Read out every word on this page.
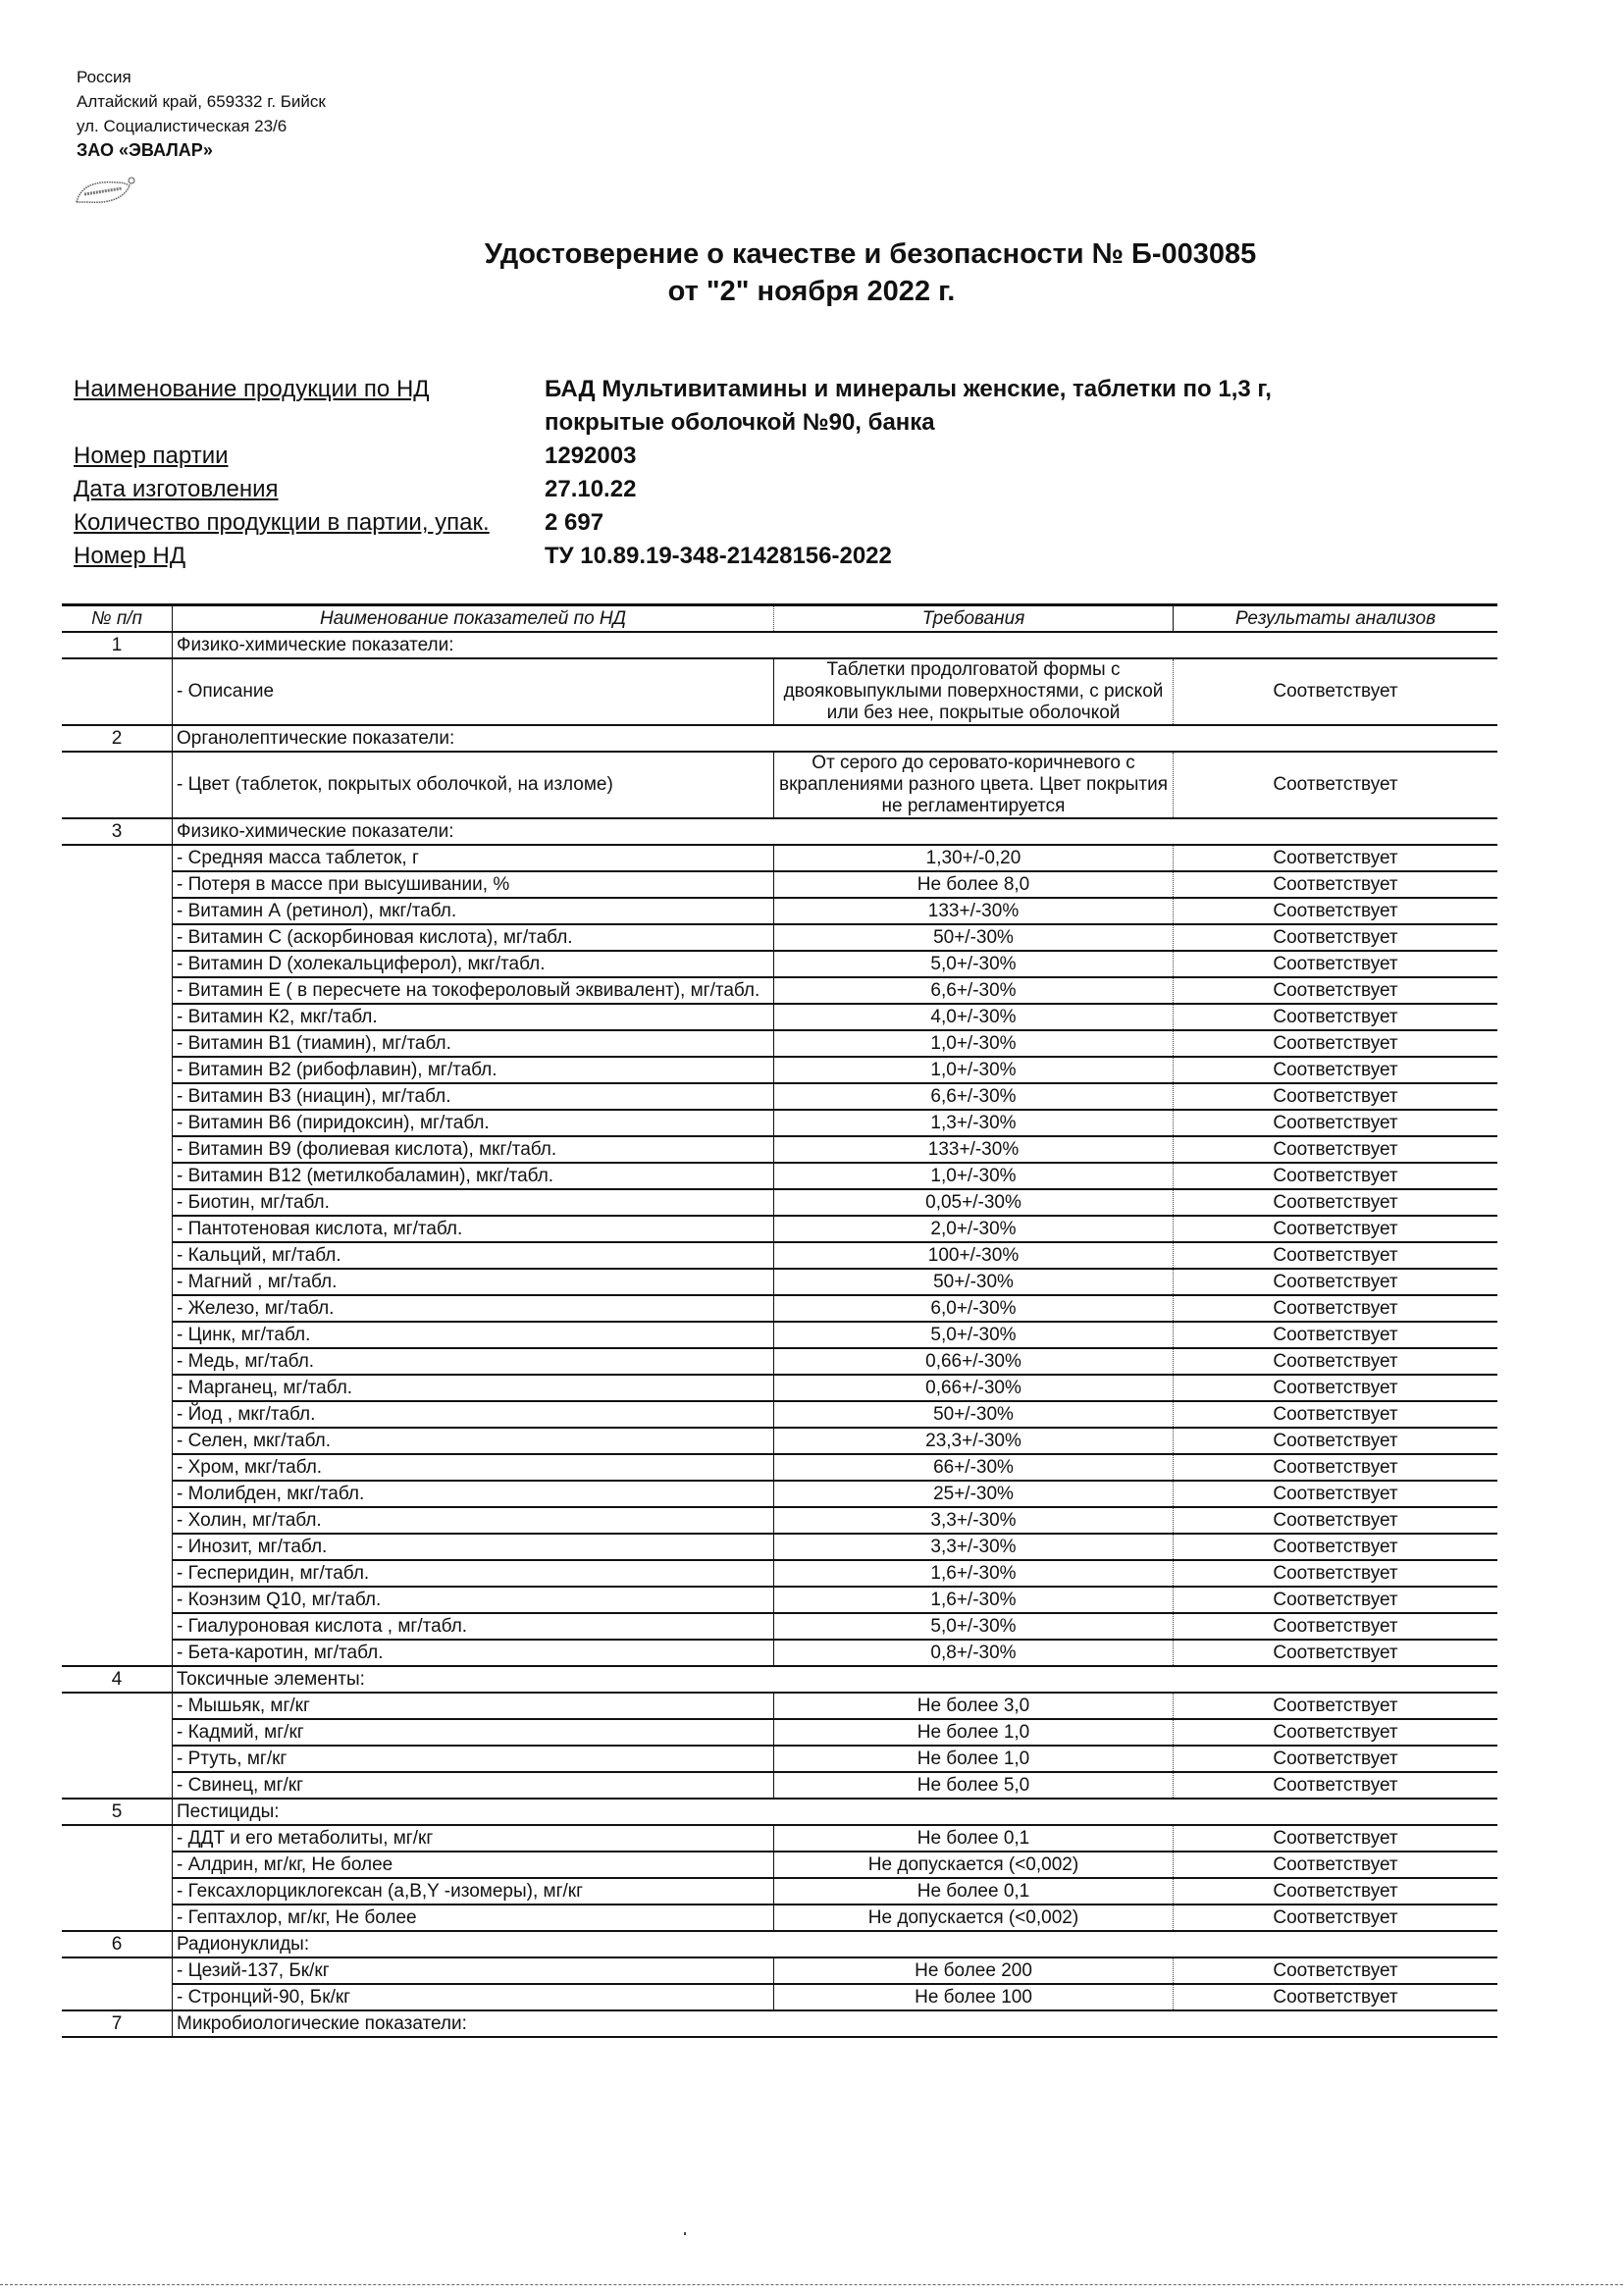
Россия
Алтайский край, 659332 г. Бийск
ул. Социалистическая 23/6
ЗАО «ЭВАЛАР»
Удостоверение о качестве и безопасности № Б-003085
от "2" ноября 2022 г.
Наименование продукции по НД	БАД Мультивитамины и минералы женские, таблетки по 1,3 г, покрытые оболочкой №90, банка
Номер партии	1292003
Дата изготовления	27.10.22
Количество продукции в партии, упак.	2 697
Номер НД	ТУ 10.89.19-348-21428156-2022
№ п/п	Наименование показателей по НД	Требования	Результаты анализов
1	Физико-химические показатели:		
	- Описание	Таблетки продолговатой формы с двояковыпуклыми поверхностями, с риской или без нее, покрытые оболочкой	Соответствует
2	Органолептические показатели:		
	- Цвет (таблеток, покрытых оболочкой, на изломе)	От серого до серовато-коричневого с вкраплениями разного цвета. Цвет покрытия не регламентируется	Соответствует
3	Физико-химические показатели:		
	- Средняя масса таблеток, г	1,30+/-0,20	Соответствует
	- Потеря в массе при высушивании, %	Не более 8,0	Соответствует
	- Витамин А (ретинол), мкг/табл.	133+/-30%	Соответствует
	- Витамин С (аскорбиновая кислота), мг/табл.	50+/-30%	Соответствует
	- Витамин D (холекальциферол), мкг/табл.	5,0+/-30%	Соответствует
	- Витамин Е ( в пересчете на токофероловый эквивалент), мг/табл.	6,6+/-30%	Соответствует
	- Витамин К2, мкг/табл.	4,0+/-30%	Соответствует
	- Витамин В1 (тиамин), мг/табл.	1,0+/-30%	Соответствует
	- Витамин В2 (рибофлавин), мг/табл.	1,0+/-30%	Соответствует
	- Витамин В3 (ниацин), мг/табл.	6,6+/-30%	Соответствует
	- Витамин В6 (пиридоксин), мг/табл.	1,3+/-30%	Соответствует
	- Витамин В9 (фолиевая кислота), мкг/табл.	133+/-30%	Соответствует
	- Витамин В12 (метилкобаламин), мкг/табл.	1,0+/-30%	Соответствует
	- Биотин, мг/табл.	0,05+/-30%	Соответствует
	- Пантотеновая кислота, мг/табл.	2,0+/-30%	Соответствует
	- Кальций, мг/табл.	100+/-30%	Соответствует
	- Магний , мг/табл.	50+/-30%	Соответствует
	- Железо, мг/табл.	6,0+/-30%	Соответствует
	- Цинк, мг/табл.	5,0+/-30%	Соответствует
	- Медь, мг/табл.	0,66+/-30%	Соответствует
	- Марганец, мг/табл.	0,66+/-30%	Соответствует
	- Йод , мкг/табл.	50+/-30%	Соответствует
	- Селен, мкг/табл.	23,3+/-30%	Соответствует
	- Хром, мкг/табл.	66+/-30%	Соответствует
	- Молибден, мкг/табл.	25+/-30%	Соответствует
	- Холин, мг/табл.	3,3+/-30%	Соответствует
	- Инозит, мг/табл.	3,3+/-30%	Соответствует
	- Гесперидин, мг/табл.	1,6+/-30%	Соответствует
	- Коэнзим Q10, мг/табл.	1,6+/-30%	Соответствует
	- Гиалуроновая кислота , мг/табл.	5,0+/-30%	Соответствует
	- Бета-каротин, мг/табл.	0,8+/-30%	Соответствует
4	Токсичные элементы:		
	- Мышьяк, мг/кг	Не более 3,0	Соответствует
	- Кадмий, мг/кг	Не более 1,0	Соответствует
	- Ртуть, мг/кг	Не более 1,0	Соответствует
	- Свинец, мг/кг	Не более 5,0	Соответствует
5	Пестициды:		
	- ДДТ и его метаболиты, мг/кг	Не более 0,1	Соответствует
	- Алдрин, мг/кг, Не более	Не допускается (<0,002)	Соответствует
	- Гексахлорциклогексан (a,B,Y -изомеры), мг/кг	Не более 0,1	Соответствует
	- Гептахлор, мг/кг, Не более	Не допускается (<0,002)	Соответствует
6	Радионуклиды:		
	- Цезий-137, Бк/кг	Не более 200	Соответствует
	- Стронций-90, Бк/кг	Не более 100	Соответствует
7	Микробиологические показатели:		
